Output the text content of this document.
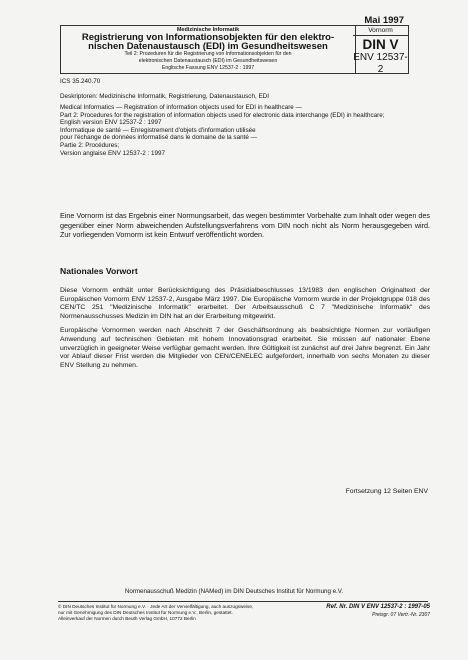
Mai 1997
Medizinische Informatik
Registrierung von Informationsobjekten für den elektro-
nischen Datenaustausch (EDI) im Gesundheitswesen
Teil 2: Prozeduren für die Registrierung von Informationsobjekten für den
elektronischen Datenaustausch (EDI) im Gesundheitswesen
Englische Fassung ENV 12537-2 : 1997
Vornorm
DIN V
ENV 12537-2
ICS 35.240.70
Deskriptoren: Medizinische Informatik, Registrierung, Datenaustausch, EDI
Medical Informatics — Registration of information objects used for EDI in healthcare —
Part 2: Procedures for the registration of information objects used for electronic data interchange (EDI) in healthcare;
English version ENV 12537-2 : 1997
Informatique de santé — Enregistrement d'objets d'information utilisée
pour l'échange de données informatisé dans le domaine de la santé —
Partie 2: Procédures;
Version anglaise ENV 12537-2 : 1997
Eine Vornorm ist das Ergebnis einer Normungsarbeit, das wegen bestimmter Vorbehalte zum Inhalt oder wegen des gegenüber einer Norm abweichenden Aufstellungsverfahrens vom DIN noch nicht als Norm herausgegeben wird. Zur vorliegenden Vornorm ist kein Entwurf veröffentlicht worden.
Nationales Vorwort

Diese Vornorm enthält unter Berücksichtigung des Präsidialbeschlusses 13/1983 den englischen Originaltext der Europäischen Vornorm ENV 12537-2, Ausgabe März 1997. Die Europäische Vornorm wurde in der Projektgruppe 018 des CEN/TC 251 "Medizinische Informatik" erarbeitet. Der Arbeitsausschuß C 7 "Medizinische Informatik" des Normenausschusses Medizin im DIN hat an der Erarbeitung mitgewirkt.

Europäische Vornormen werden nach Abschnitt 7 der Geschäftsordnung als beabsichtigte Normen zur vorläufigen Anwendung auf technischen Gebieten mit hohem Innovationsgrad erarbeitet. Sie müssen auf nationaler Ebene unverzüglich in geeigneter Weise verfügbar gemacht werden. Ihre Gültigkeit ist zunächst auf drei Jahre begrenzt. Ein Jahr vor Ablauf dieser Frist werden die Mitglieder von CEN/CENELEC aufgefordert, innerhalb von sechs Monaten zu dieser ENV Stellung zu nehmen.

Fortsetzung 12 Seiten ENV
Normenausschuß Medizin (NAMed) im DIN Deutsches Institut für Normung e.V.
© DIN Deutsches Institut für Normung e.V. · Jede Art der Vervielfältigung, auch auszugsweise,
nur mit Genehmigung des DIN Deutsches Institut für Normung e.V., Berlin, gestattet.
Alleinverkauf der Normen durch Beuth Verlag GmbH, 10772 Berlin
Ref. Nr. DIN V ENV 12537-2 : 1997-05
Preisgr. 07 Vertr.-Nr. 2307
